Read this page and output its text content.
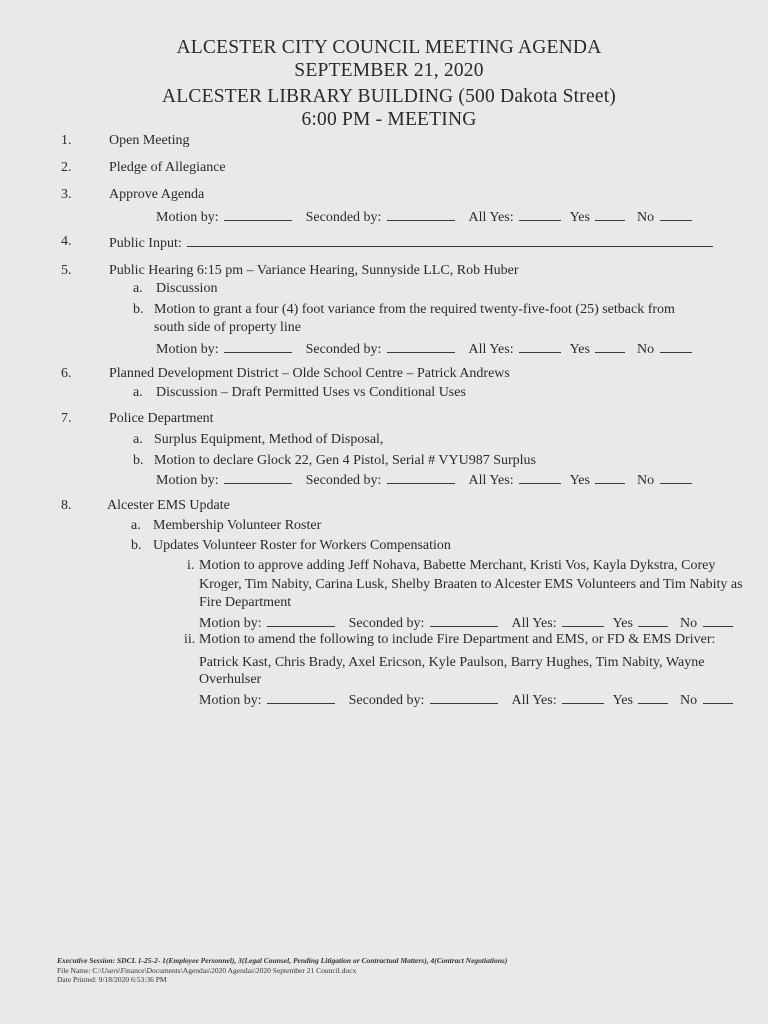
ALCESTER CITY COUNCIL MEETING AGENDA
SEPTEMBER 21, 2020
ALCESTER LIBRARY BUILDING (500 Dakota Street)
6:00 PM - MEETING
1.	Open Meeting
2.	Pledge of Allegiance
3.	Approve Agenda
Motion by:	Seconded by:	All Yes:	Yes	No
4.	Public Input:
5.	Public Hearing 6:15 pm – Variance Hearing, Sunnyside LLC, Rob Huber
a. Discussion
b. Motion to grant a four (4) foot variance from the required twenty-five-foot (25) setback from
south side of property line
Motion by:	Seconded by:	All Yes:	Yes	No
6.	Planned Development District – Olde School Centre – Patrick Andrews
a. Discussion – Draft Permitted Uses vs Conditional Uses
7.	Police Department
a. Surplus Equipment, Method of Disposal,
b. Motion to declare Glock 22, Gen 4 Pistol, Serial # VYU987 Surplus
Motion by:	Seconded by:	All Yes:	Yes	No
8.	Alcester EMS Update
a. Membership Volunteer Roster
b. Updates Volunteer Roster for Workers Compensation
i. Motion to approve adding Jeff Nohava, Babette Merchant, Kristi Vos, Kayla Dykstra, Corey
Kroger, Tim Nabity, Carina Lusk, Shelby Braaten to Alcester EMS Volunteers and Tim Nabity as
Fire Department
Motion by:	Seconded by:	All Yes:	Yes	No
ii. Motion to amend the following to include Fire Department and EMS, or FD & EMS Driver:
Patrick Kast, Chris Brady, Axel Ericson, Kyle Paulson, Barry Hughes, Tim Nabity, Wayne
Overhulser
Motion by:	Seconded by:	All Yes:	Yes	No
Executive Session: SDCL 1-25-2- 1(Employee Personnel), 3(Legal Counsel, Pending Litigation or Contractual Matters), 4(Contract Negotiations)
File Name: C:\Users\Finance\Documents\Agendas\2020 Agendas\2020 September 21 Council.docx
Date Printed: 9/18/2020 6:53:36 PM
